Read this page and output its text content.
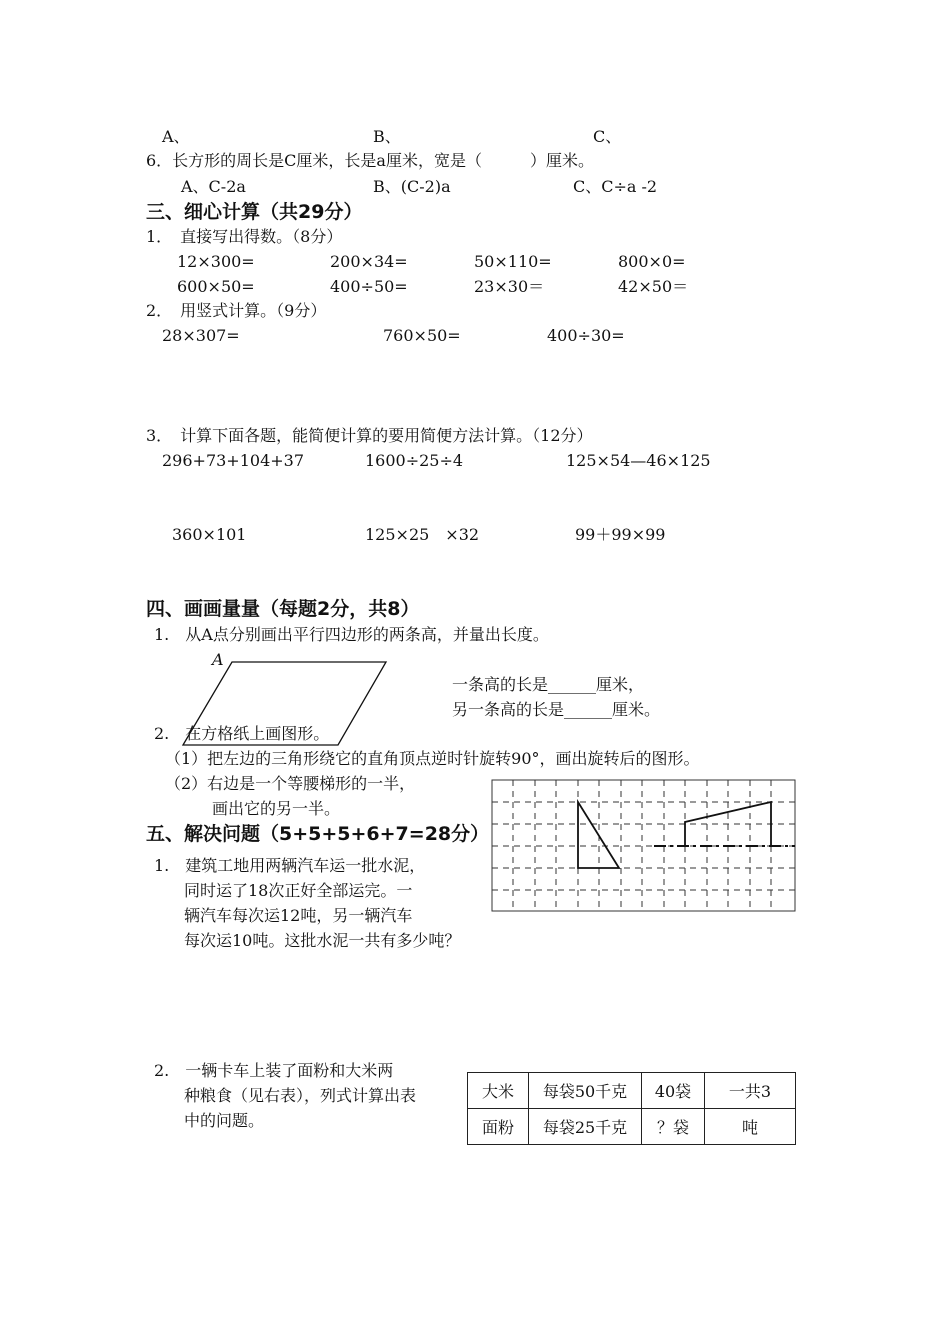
A、	B、	C、
6．长方形的周长是C厘米，长是a厘米，宽是（　　　）厘米。
A、C-2a	B、(C-2)a	C、C÷a -2
三、细心计算（共29分）
1．　直接写出得数。（8分）
12×300=	200×34=	50×110=	800×0=
600×50=	400÷50=	23×30＝	42×50＝
2．　用竖式计算。（9分）
28×307=	760×50=	400÷30=
3．　计算下面各题，能简便计算的要用简便方法计算。（12分）
296+73+104+37	1600÷25÷4	125×54—46×125
360×101	125×25　×32	99＋99×99
四、画画量量（每题2分，共8）
1.　从A点分别画出平行四边形的两条高，并量出长度。
A
一条高的长是______厘米，
另一条高的长是______厘米。
2.　在方格纸上画图形。
（1）把左边的三角形绕它的直角顶点逆时针旋转90°，画出旋转后的图形。
（2）右边是一个等腰梯形的一半，
画出它的另一半。
五、解决问题（5+5+5+6+7=28分）
1.　建筑工地用两辆汽车运一批水泥，
同时运了18次正好全部运完。一
辆汽车每次运12吨，另一辆汽车
每次运10吨。这批水泥一共有多少吨？
2.　一辆卡车上装了面粉和大米两
种粮食（见右表），列式计算出表
中的问题。
大米	每袋50千克	40袋	一共3
面粉	每袋25千克	？袋	吨
